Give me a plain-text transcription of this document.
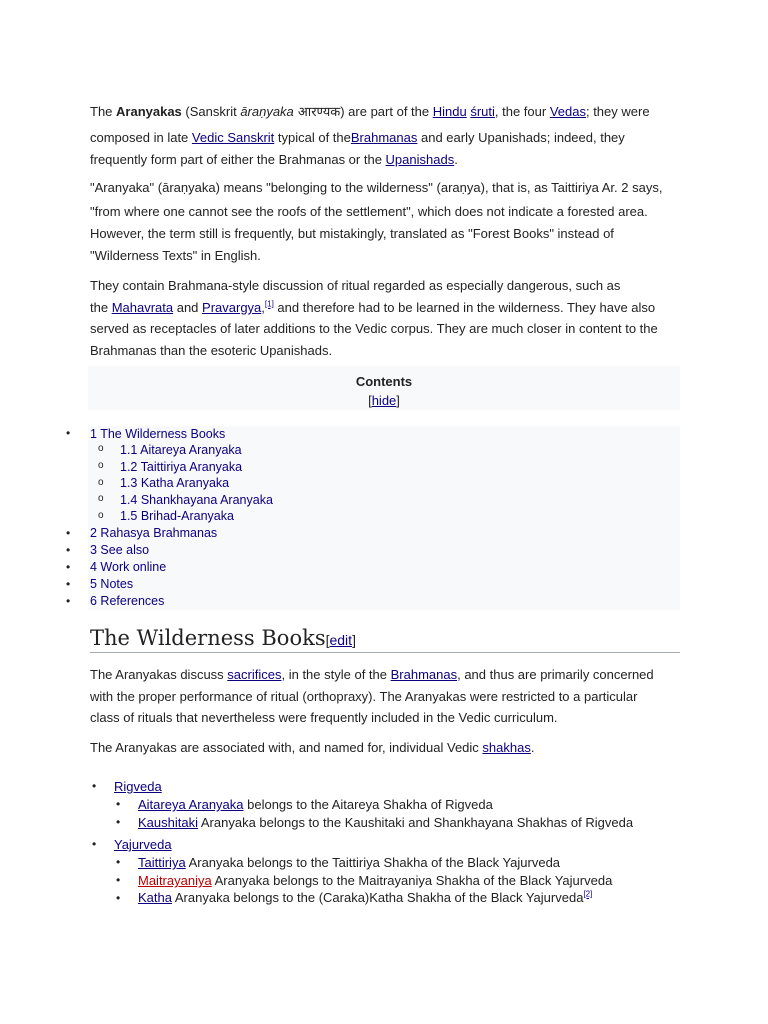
The Aranyakas (Sanskrit āraṇyaka आरण्यक) are part of the Hindu śruti, the four Vedas; they were
composed in late Vedic Sanskrit typical of theBrahmanas and early Upanishads; indeed, they
frequently form part of either the Brahmanas or the Upanishads.
"Aranyaka" (āraṇyaka) means "belonging to the wilderness" (araṇya), that is, as Taittiriya Ar. 2 says,
"from where one cannot see the roofs of the settlement", which does not indicate a forested area.
However, the term still is frequently, but mistakingly, translated as "Forest Books" instead of
"Wilderness Texts" in English.
They contain Brahmana-style discussion of ritual regarded as especially dangerous, such as
the Mahavrata and Pravargya,[1] and therefore had to be learned in the wilderness. They have also
served as receptacles of later additions to the Vedic corpus. They are much closer in content to the
Brahmanas than the esoteric Upanishads.
Contents
[hide]
• 1 The Wilderness Books
o 1.1 Aitareya Aranyaka
o 1.2 Taittiriya Aranyaka
o 1.3 Katha Aranyaka
o 1.4 Shankhayana Aranyaka
o 1.5 Brihad-Aranyaka
• 2 Rahasya Brahmanas
• 3 See also
• 4 Work online
• 5 Notes
• 6 References
The Wilderness Books[edit]
The Aranyakas discuss sacrifices, in the style of the Brahmanas, and thus are primarily concerned
with the proper performance of ritual (orthopraxy). The Aranyakas were restricted to a particular
class of rituals that nevertheless were frequently included in the Vedic curriculum.
The Aranyakas are associated with, and named for, individual Vedic shakhas.
• Rigveda
• Aitareya Aranyaka belongs to the Aitareya Shakha of Rigveda
• Kaushitaki Aranyaka belongs to the Kaushitaki and Shankhayana Shakhas of Rigveda
• Yajurveda
• Taittiriya Aranyaka belongs to the Taittiriya Shakha of the Black Yajurveda
• Maitrayaniya Aranyaka belongs to the Maitrayaniya Shakha of the Black Yajurveda
• Katha Aranyaka belongs to the (Caraka)Katha Shakha of the Black Yajurveda[2]
